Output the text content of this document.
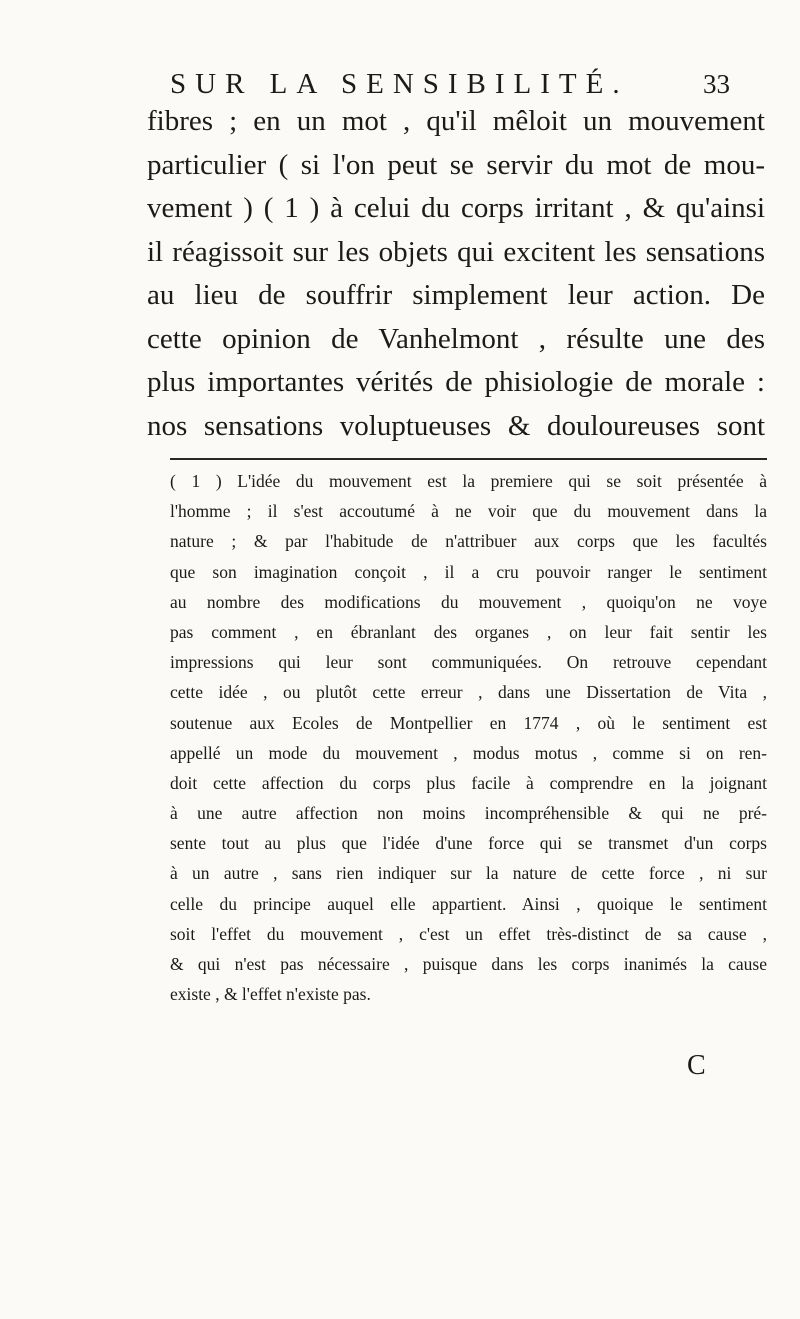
SUR LA SENSIBILITÉ.	33
fibres ; en un mot , qu'il mêloit un mouvement
particulier ( si l'on peut se servir du mot de mou-
vement ) ( 1 ) à celui du corps irritant , & qu'ainsi
il réagissoit sur les objets qui excitent les sensations
au lieu de souffrir simplement leur action. De
cette opinion de Vanhelmont , résulte une des
plus importantes vérités de phisiologie de morale :
nos sensations voluptueuses & douloureuses sont
( 1 ) L'idée du mouvement est la premiere qui se soit présentée à
l'homme ; il s'est accoutumé à ne voir que du mouvement dans la
nature ; & par l'habitude de n'attribuer aux corps que les facultés
que son imagination conçoit , il a cru pouvoir ranger le sentiment
au nombre des modifications du mouvement , quoiqu'on ne voye
pas comment , en ébranlant des organes , on leur fait sentir les
impressions qui leur sont communiquées. On retrouve cependant
cette idée , ou plutôt cette erreur , dans une Dissertation de Vita ,
soutenue aux Ecoles de Montpellier en 1774 , où le sentiment est
appellé un mode du mouvement , modus motus , comme si on ren-
doit cette affection du corps plus facile à comprendre en la joignant
à une autre affection non moins incompréhensible & qui ne pré-
sente tout au plus que l'idée d'une force qui se transmet d'un corps
à un autre , sans rien indiquer sur la nature de cette force , ni sur
celle du principe auquel elle appartient. Ainsi , quoique le sentiment
soit l'effet du mouvement , c'est un effet très-distinct de sa cause ,
& qui n'est pas nécessaire , puisque dans les corps inanimés la cause
existe , & l'effet n'existe pas.
C
